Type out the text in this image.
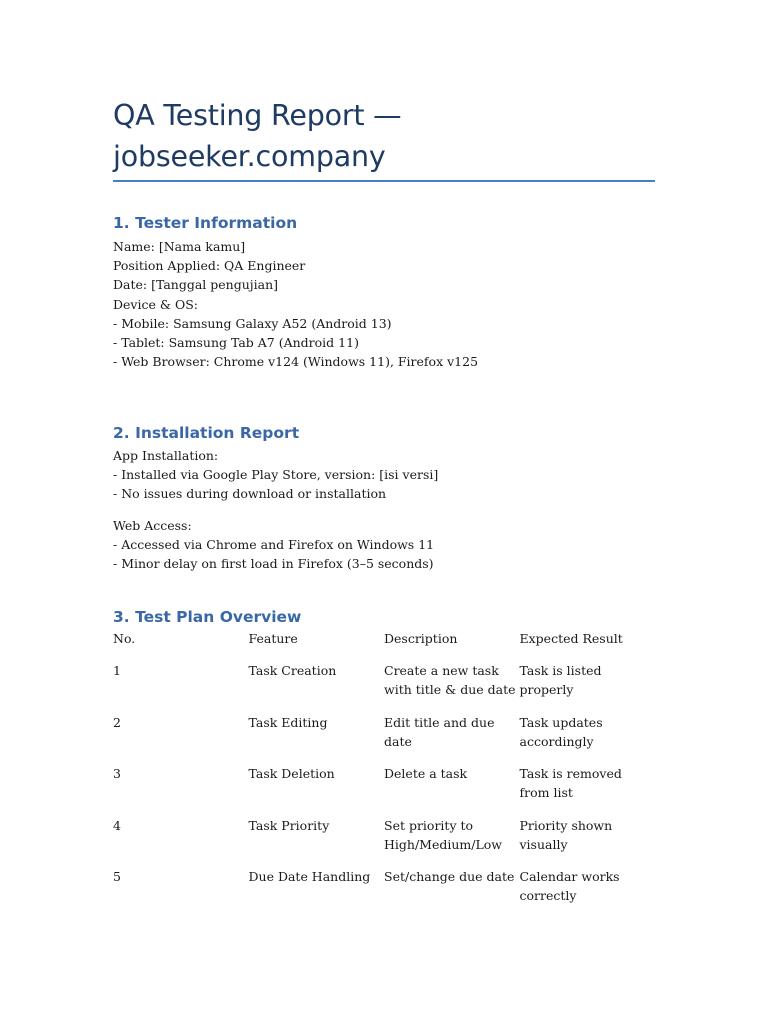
QA Testing Report —
jobseeker.company
1. Tester Information
Name: [Nama kamu]
Position Applied: QA Engineer
Date: [Tanggal pengujian]
Device & OS:
- Mobile: Samsung Galaxy A52 (Android 13)
- Tablet: Samsung Tab A7 (Android 11)
- Web Browser: Chrome v124 (Windows 11), Firefox v125
2. Installation Report
App Installation:
- Installed via Google Play Store, version: [isi versi]
- No issues during download or installation
Web Access:
- Accessed via Chrome and Firefox on Windows 11
- Minor delay on first load in Firefox (3–5 seconds)
3. Test Plan Overview
No.	Feature	Description	Expected Result
1	Task Creation	Create a new task with title & due date	Task is listed properly
2	Task Editing	Edit title and due date	Task updates accordingly
3	Task Deletion	Delete a task	Task is removed from list
4	Task Priority	Set priority to High/Medium/Low	Priority shown visually
5	Due Date Handling	Set/change due date	Calendar works correctly
